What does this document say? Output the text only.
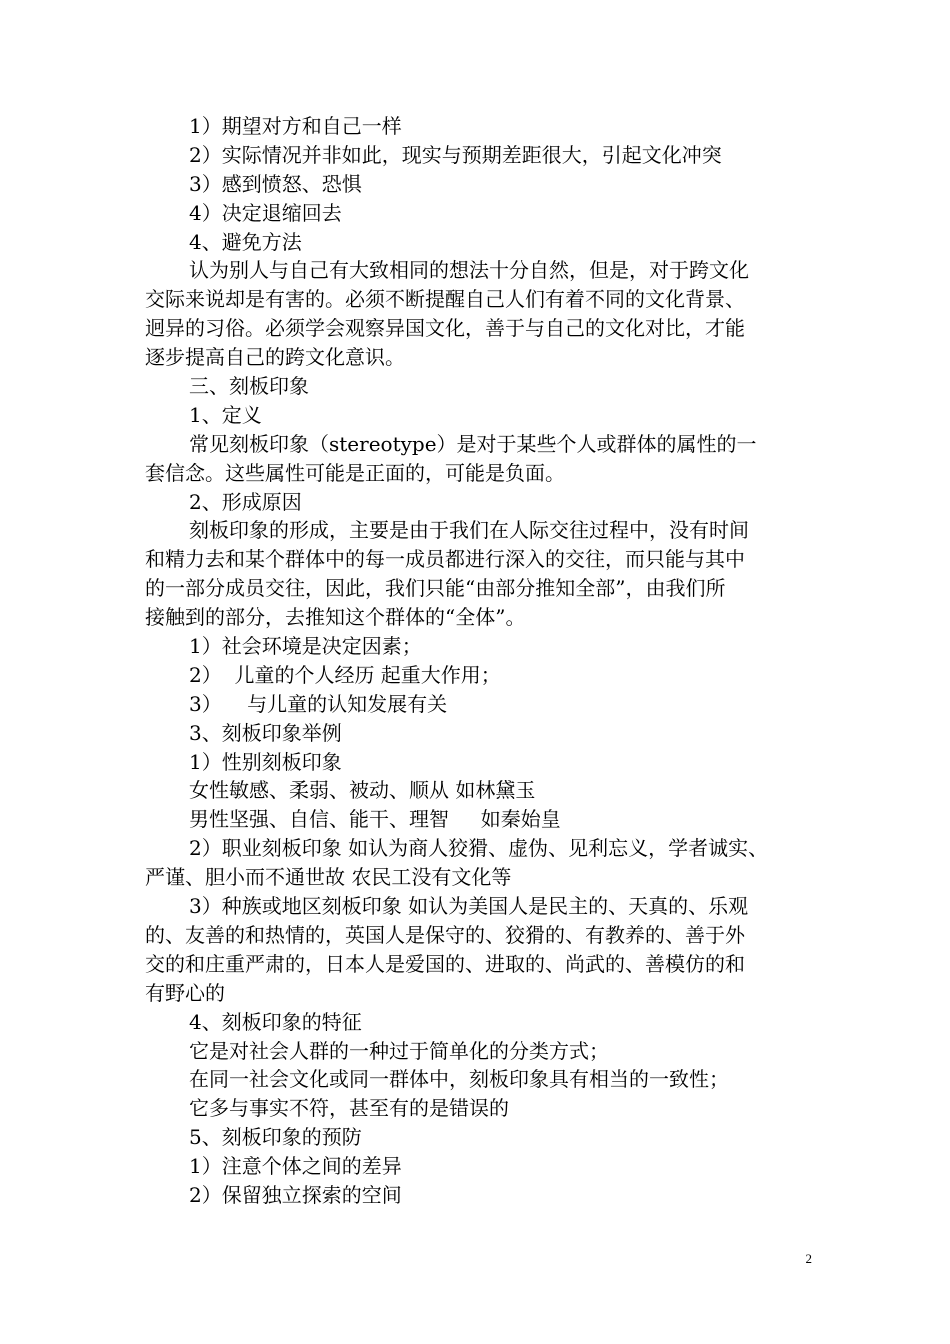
1）期望对方和自己一样
2）实际情况并非如此，现实与预期差距很大，引起文化冲突
3）感到愤怒、恐惧
4）决定退缩回去
4、避免方法
认为别人与自己有大致相同的想法十分自然，但是，对于跨文化
交际来说却是有害的。必须不断提醒自己人们有着不同的文化背景、
迥异的习俗。必须学会观察异国文化，善于与自己的文化对比，才能
逐步提高自己的跨文化意识。
三、刻板印象
1、定义
常见刻板印象（stereotype）是对于某些个人或群体的属性的一
套信念。这些属性可能是正面的，可能是负面。
2、形成原因
刻板印象的形成，主要是由于我们在人际交往过程中，没有时间
和精力去和某个群体中的每一成员都进行深入的交往，而只能与其中
的一部分成员交往，因此，我们只能“由部分推知全部”，由我们所
接触到的部分，去推知这个群体的“全体”。
1）社会环境是决定因素；
2）  儿童的个人经历 起重大作用；
3）    与儿童的认知发展有关
3、刻板印象举例
1）性别刻板印象
女性敏感、柔弱、被动、顺从 如林黛玉
男性坚强、自信、能干、理智     如秦始皇
2）职业刻板印象 如认为商人狡猾、虚伪、见利忘义，学者诚实、
严谨、胆小而不通世故 农民工没有文化等
3）种族或地区刻板印象 如认为美国人是民主的、天真的、乐观
的、友善的和热情的，英国人是保守的、狡猾的、有教养的、善于外
交的和庄重严肃的，日本人是爱国的、进取的、尚武的、善模仿的和
有野心的
4、刻板印象的特征
它是对社会人群的一种过于简单化的分类方式；
在同一社会文化或同一群体中，刻板印象具有相当的一致性；
它多与事实不符，甚至有的是错误的
5、刻板印象的预防
1）注意个体之间的差异
2）保留独立探索的空间
2
